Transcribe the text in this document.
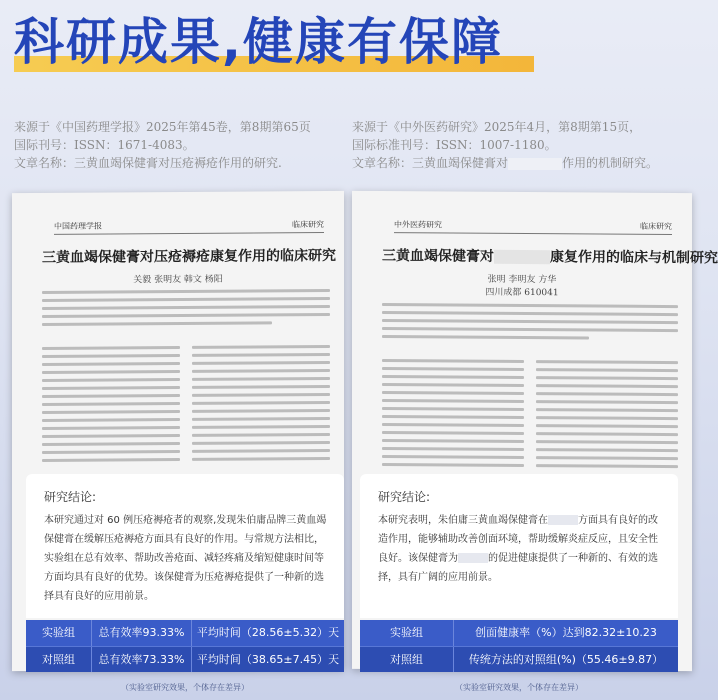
科研成果,健康有保障
来源于《中国药理学报》2025年第45卷，第8期第65页
国际刊号：ISSN：1671-4083。
文章名称：三黄血竭保健膏对压疮褥疮作用的研究.
来源于《中外医药研究》2025年4月，第8期第15页，
国际标准刊号：ISSN：1007-1180。
文章名称：三黄血竭保健膏对	作用的机制研究。
中国药理学报	临床研究
三黄血竭保健膏对压疮褥疮康复作用的临床研究
关毅 张明友 韩文 杨阳
中外医药研究	临床研究
三黄血竭保健膏对	康复作用的临床与机制研究
张明 李明友 方华
四川成都 610041
研究结论:
本研究通过对 60 例压疮褥疮者的观察,发现朱伯庸品牌三黄血竭保健膏在缓解压疮褥疮方面具有良好的作用。与常规方法相比，实验组在总有效率、帮助改善疮面、减轻疼痛及缩短健康时间等方面均具有良好的优势。该保健膏为压疮褥疮提供了一种新的选择具有良好的应用前景。
研究结论:
本研究表明，朱伯庸三黄血竭保健膏在	方面具有良好的改造作用，能够辅助改善创面环境，帮助缓解炎症反应，且安全性良好。该保健膏为	的促进健康提供了一种新的、有效的选择，具有广阔的应用前景。
实验组	总有效率93.33%	平均时间（28.56±5.32）天
对照组	总有效率73.33%	平均时间（38.65±7.45）天
实验组	创面健康率（%）达到82.32±10.23
对照组	传统方法的对照组(%)（55.46±9.87）
（实验室研究效果，个体存在差异）	（实验室研究效果，个体存在差异）
